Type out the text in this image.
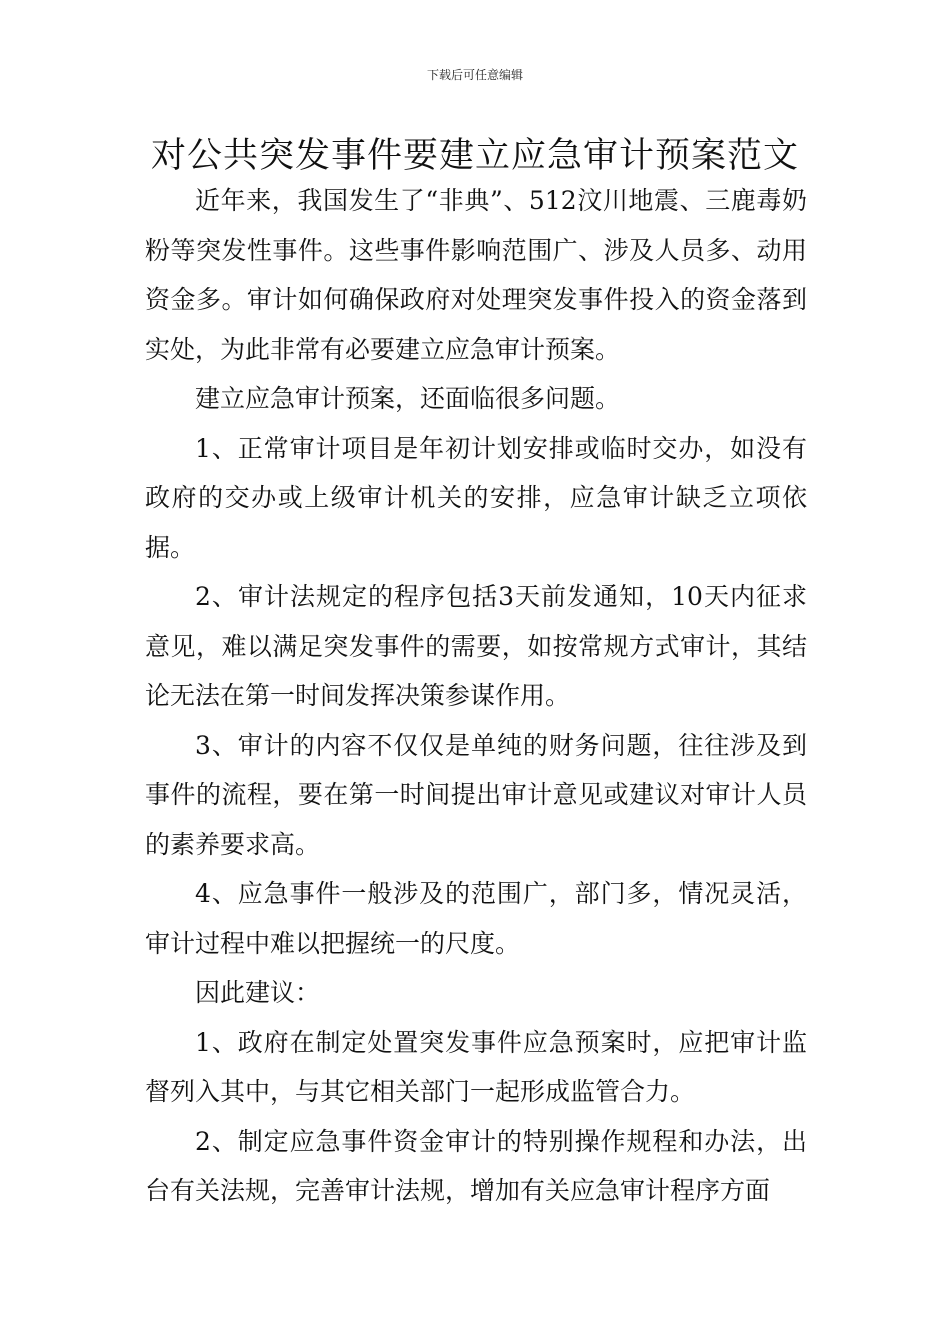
下载后可任意编辑
对公共突发事件要建立应急审计预案范文

近年来，我国发生了“非典”、512汶川地震、三鹿毒奶粉等突发性事件。这些事件影响范围广、涉及人员多、动用资金多。审计如何确保政府对处理突发事件投入的资金落到实处，为此非常有必要建立应急审计预案。

建立应急审计预案，还面临很多问题。

1、正常审计项目是年初计划安排或临时交办，如没有政府的交办或上级审计机关的安排，应急审计缺乏立项依据。

2、审计法规定的程序包括3天前发通知，10天内征求意见，难以满足突发事件的需要，如按常规方式审计，其结论无法在第一时间发挥决策参谋作用。

3、审计的内容不仅仅是单纯的财务问题，往往涉及到事件的流程，要在第一时间提出审计意见或建议对审计人员的素养要求高。

4、应急事件一般涉及的范围广，部门多，情况灵活，审计过程中难以把握统一的尺度。

因此建议：

1、政府在制定处置突发事件应急预案时，应把审计监督列入其中，与其它相关部门一起形成监管合力。

2、制定应急事件资金审计的特别操作规程和办法，出台有关法规，完善审计法规，增加有关应急审计程序方面
